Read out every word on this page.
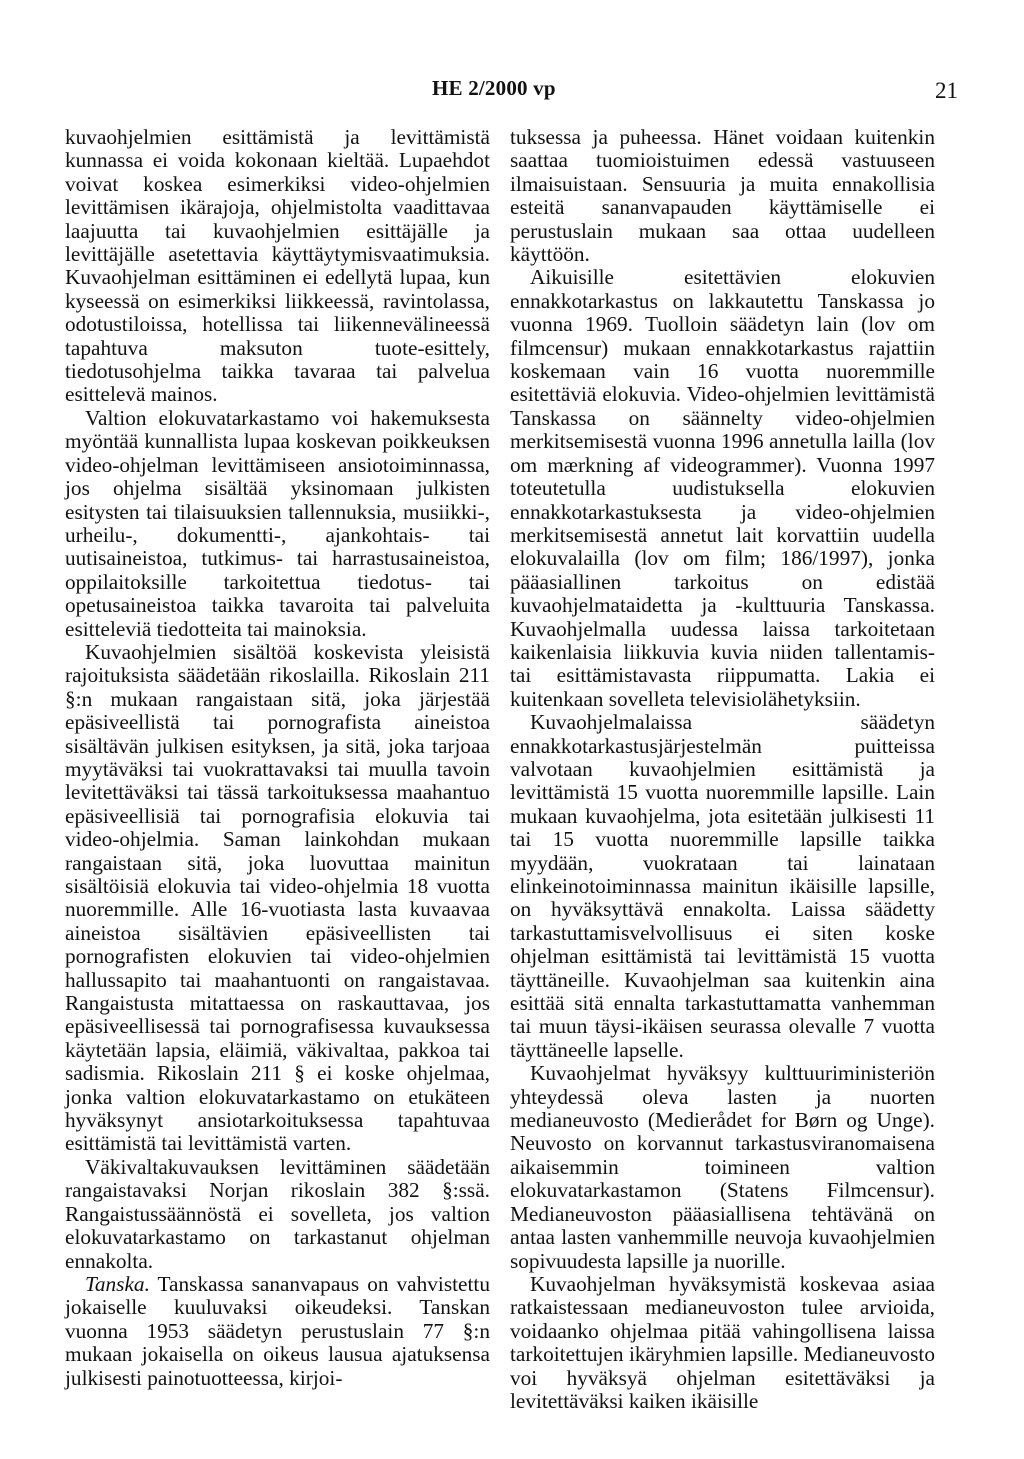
HE 2/2000 vp	21

kuvaohjelmien esittämistä ja levittämistä kunnassa ei voida kokonaan kieltää. Lupaehdot voivat koskea esimerkiksi video-ohjelmien levittämisen ikärajoja, ohjelmistolta vaadittavaa laajuutta tai kuvaohjelmien esittäjälle ja levittäjälle asetettavia käyttäytymisvaatimuksia. Kuvaohjelman esittäminen ei edellytä lupaa, kun kyseessä on esimerkiksi liikkeessä, ravintolassa, odotustiloissa, hotellissa tai liikennevälineessä tapahtuva maksuton tuote-esittely, tiedotusohjelma taikka tavaraa tai palvelua esittelevä mainos.

Valtion elokuvatarkastamo voi hakemuksesta myöntää kunnallista lupaa koskevan poikkeuksen video-ohjelman levittämiseen ansiotoiminnassa, jos ohjelma sisältää yksinomaan julkisten esitysten tai tilaisuuksien tallennuksia, musiikki-, urheilu-, dokumentti-, ajankohtais- tai uutisaineistoa, tutkimus- tai harrastusaineistoa, oppilaitoksille tarkoitettua tiedotus- tai opetusaineistoa taikka tavaroita tai palveluita esitteleviä tiedotteita tai mainoksia.

Kuvaohjelmien sisältöä koskevista yleisistä rajoituksista säädetään rikoslailla. Rikoslain 211 §:n mukaan rangaistaan sitä, joka järjestää epäsiveellistä tai pornografista aineistoa sisältävän julkisen esityksen, ja sitä, joka tarjoaa myytäväksi tai vuokrattavaksi tai muulla tavoin levitettäväksi tai tässä tarkoituksessa maahantuo epäsiveellisiä tai pornografisia elokuvia tai video-ohjelmia. Saman lainkohdan mukaan rangaistaan sitä, joka luovuttaa mainitun sisältöisiä elokuvia tai video-ohjelmia 18 vuotta nuoremmille. Alle 16-vuotiasta lasta kuvaavaa aineistoa sisältävien epäsiveellisten tai pornografisten elokuvien tai video-ohjelmien hallussapito tai maahantuonti on rangaistavaa. Rangaistusta mitattaessa on raskauttavaa, jos epäsiveellisessä tai pornografisessa kuvauksessa käytetään lapsia, eläimiä, väkivaltaa, pakkoa tai sadismia. Rikoslain 211 § ei koske ohjelmaa, jonka valtion elokuvatarkastamo on etukäteen hyväksynyt ansiotarkoituksessa tapahtuvaa esittämistä tai levittämistä varten.

Väkivaltakuvauksen levittäminen säädetään rangaistavaksi Norjan rikoslain 382 §:ssä. Rangaistussäännöstä ei sovelleta, jos valtion elokuvatarkastamo on tarkastanut ohjelman ennakolta.

Tanska. Tanskassa sananvapaus on vahvistettu jokaiselle kuuluvaksi oikeudeksi. Tanskan vuonna 1953 säädetyn perustuslain 77 §:n mukaan jokaisella on oikeus lausua ajatuksensa julkisesti painotuotteessa, kirjoi-

tuksessa ja puheessa. Hänet voidaan kuitenkin saattaa tuomioistuimen edessä vastuuseen ilmaisuistaan. Sensuuria ja muita ennakollisia esteitä sananvapauden käyttämiselle ei perustuslain mukaan saa ottaa uudelleen käyttöön.

Aikuisille esitettävien elokuvien ennakkotarkastus on lakkautettu Tanskassa jo vuonna 1969. Tuolloin säädetyn lain (lov om filmcensur) mukaan ennakkotarkastus rajattiin koskemaan vain 16 vuotta nuoremmille esitettäviä elokuvia. Video-ohjelmien levittämistä Tanskassa on säännelty video-ohjelmien merkitsemisestä vuonna 1996 annetulla lailla (lov om mærkning af videogrammer). Vuonna 1997 toteutetulla uudistuksella elokuvien ennakkotarkastuksesta ja video-ohjelmien merkitsemisestä annetut lait korvattiin uudella elokuvalailla (lov om film; 186/1997), jonka pääasiallinen tarkoitus on edistää kuvaohjelmataidetta ja -kulttuuria Tanskassa. Kuvaohjelmalla uudessa laissa tarkoitetaan kaikenlaisia liikkuvia kuvia niiden tallentamis- tai esittämistavasta riippumatta. Lakia ei kuitenkaan sovelleta televisiolähetyksiin.

Kuvaohjelmalaissa säädetyn ennakkotarkastusjärjestelmän puitteissa valvotaan kuvaohjelmien esittämistä ja levittämistä 15 vuotta nuoremmille lapsille. Lain mukaan kuvaohjelma, jota esitetään julkisesti 11 tai 15 vuotta nuoremmille lapsille taikka myydään, vuokrataan tai lainataan elinkeinotoiminnassa mainitun ikäisille lapsille, on hyväksyttävä ennakolta. Laissa säädetty tarkastuttamisvelvollisuus ei siten koske ohjelman esittämistä tai levittämistä 15 vuotta täyttäneille. Kuvaohjelman saa kuitenkin aina esittää sitä ennalta tarkastuttamatta vanhemman tai muun täysi-ikäisen seurassa olevalle 7 vuotta täyttäneelle lapselle.

Kuvaohjelmat hyväksyy kulttuuriministeriön yhteydessä oleva lasten ja nuorten medianeuvosto (Medierådet for Børn og Unge). Neuvosto on korvannut tarkastusviranomaisena aikaisemmin toimineen valtion elokuvatarkastamon (Statens Filmcensur). Medianeuvoston pääasiallisena tehtävänä on antaa lasten vanhemmille neuvoja kuvaohjelmien sopivuudesta lapsille ja nuorille.

Kuvaohjelman hyväksymistä koskevaa asiaa ratkaistessaan medianeuvoston tulee arvioida, voidaanko ohjelmaa pitää vahingollisena laissa tarkoitettujen ikäryhmien lapsille. Medianeuvosto voi hyväksyä ohjelman esitettäväksi ja levitettäväksi kaiken ikäisille
